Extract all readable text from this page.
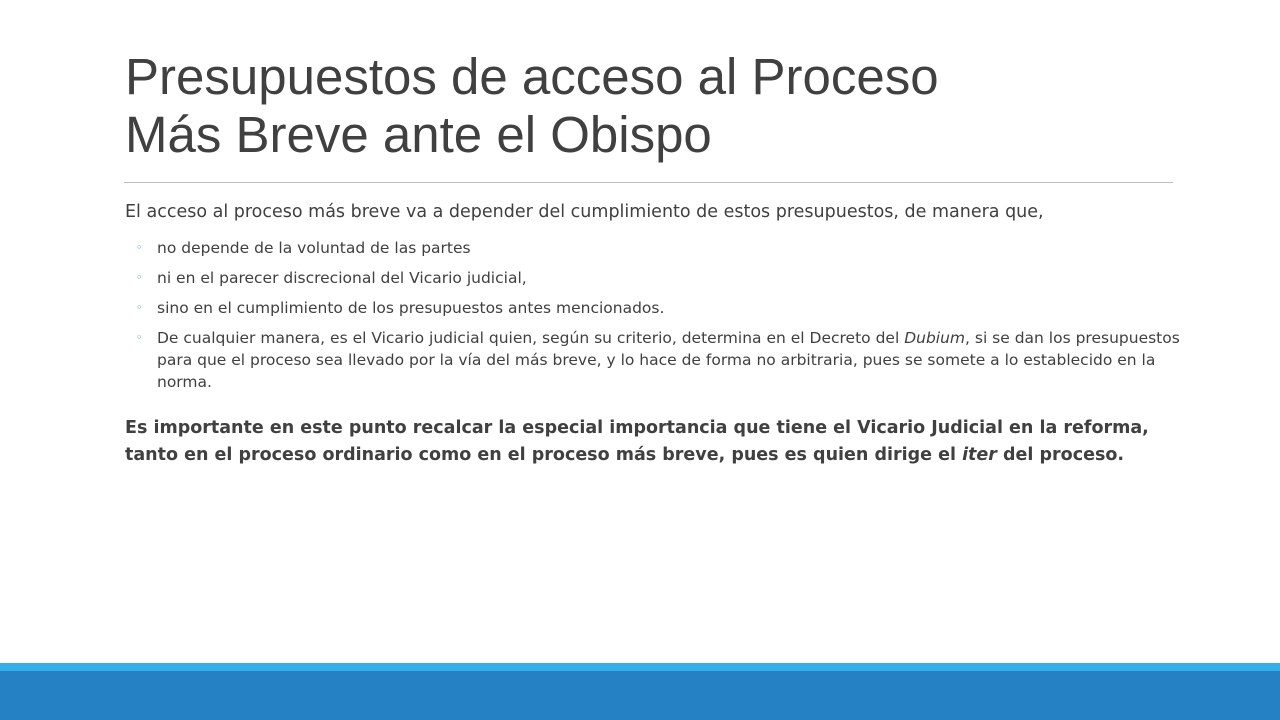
Presupuestos de acceso al Proceso
Más Breve ante el Obispo

El acceso al proceso más breve va a depender del cumplimiento de estos presupuestos, de manera que,

◦ no depende de la voluntad de las partes
◦ ni en el parecer discrecional del Vicario judicial,
◦ sino en el cumplimiento de los presupuestos antes mencionados.
◦ De cualquier manera, es el Vicario judicial quien, según su criterio, determina en el Decreto del Dubium, si se dan los presupuestos para que el proceso sea llevado por la vía del más breve, y lo hace de forma no arbitraria, pues se somete a lo establecido en la norma.

Es importante en este punto recalcar la especial importancia que tiene el Vicario Judicial en la reforma, tanto en el proceso ordinario como en el proceso más breve, pues es quien dirige el iter del proceso.
